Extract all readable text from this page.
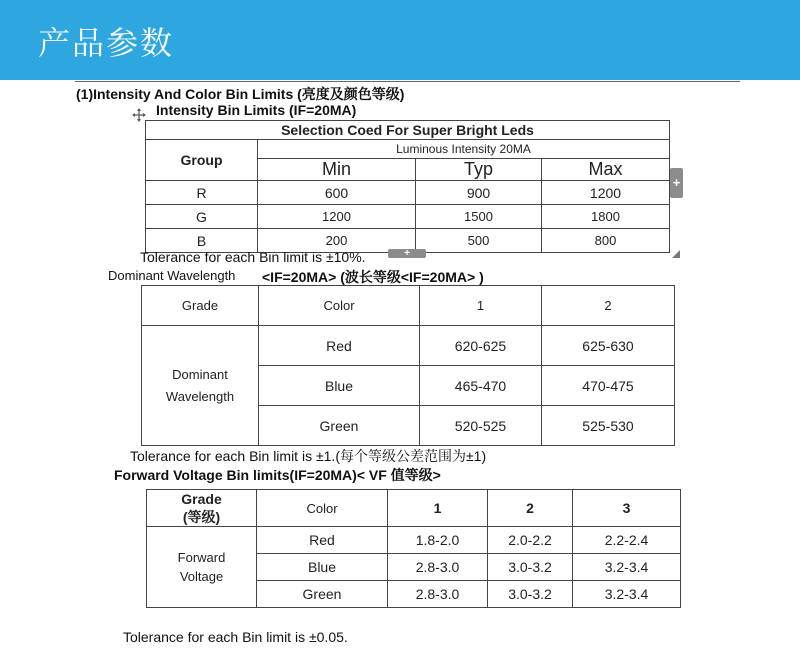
产品参数
(1)Intensity And Color Bin Limits (亮度及颜色等级)
Intensity Bin Limits (IF=20MA)
Selection Coed For Super Bright Leds			
Group	Luminous Intensity 20MA		
	Min	Typ	Max
R	600	900	1200
G	1200	1500	1800
B	200	500	800
+
+
Tolerance for each Bin limit is ±10%.
Dominant Wavelength <IF=20MA> (波长等级<IF=20MA> )
Grade	Color	1	2
Dominant Wavelength	Red	620-625	625-630
	Blue	465-470	470-475
	Green	520-525	525-530
Tolerance for each Bin limit is ±1.(每个等级公差范围为±1)
Forward Voltage Bin limits(IF=20MA)< VF 值等级>
Grade
(等级)	Color	1	2	3
Forward Voltage	Red	1.8-2.0	2.0-2.2	2.2-2.4
	Blue	2.8-3.0	3.0-3.2	3.2-3.4
	Green	2.8-3.0	3.0-3.2	3.2-3.4
Tolerance for each Bin limit is ±0.05.
